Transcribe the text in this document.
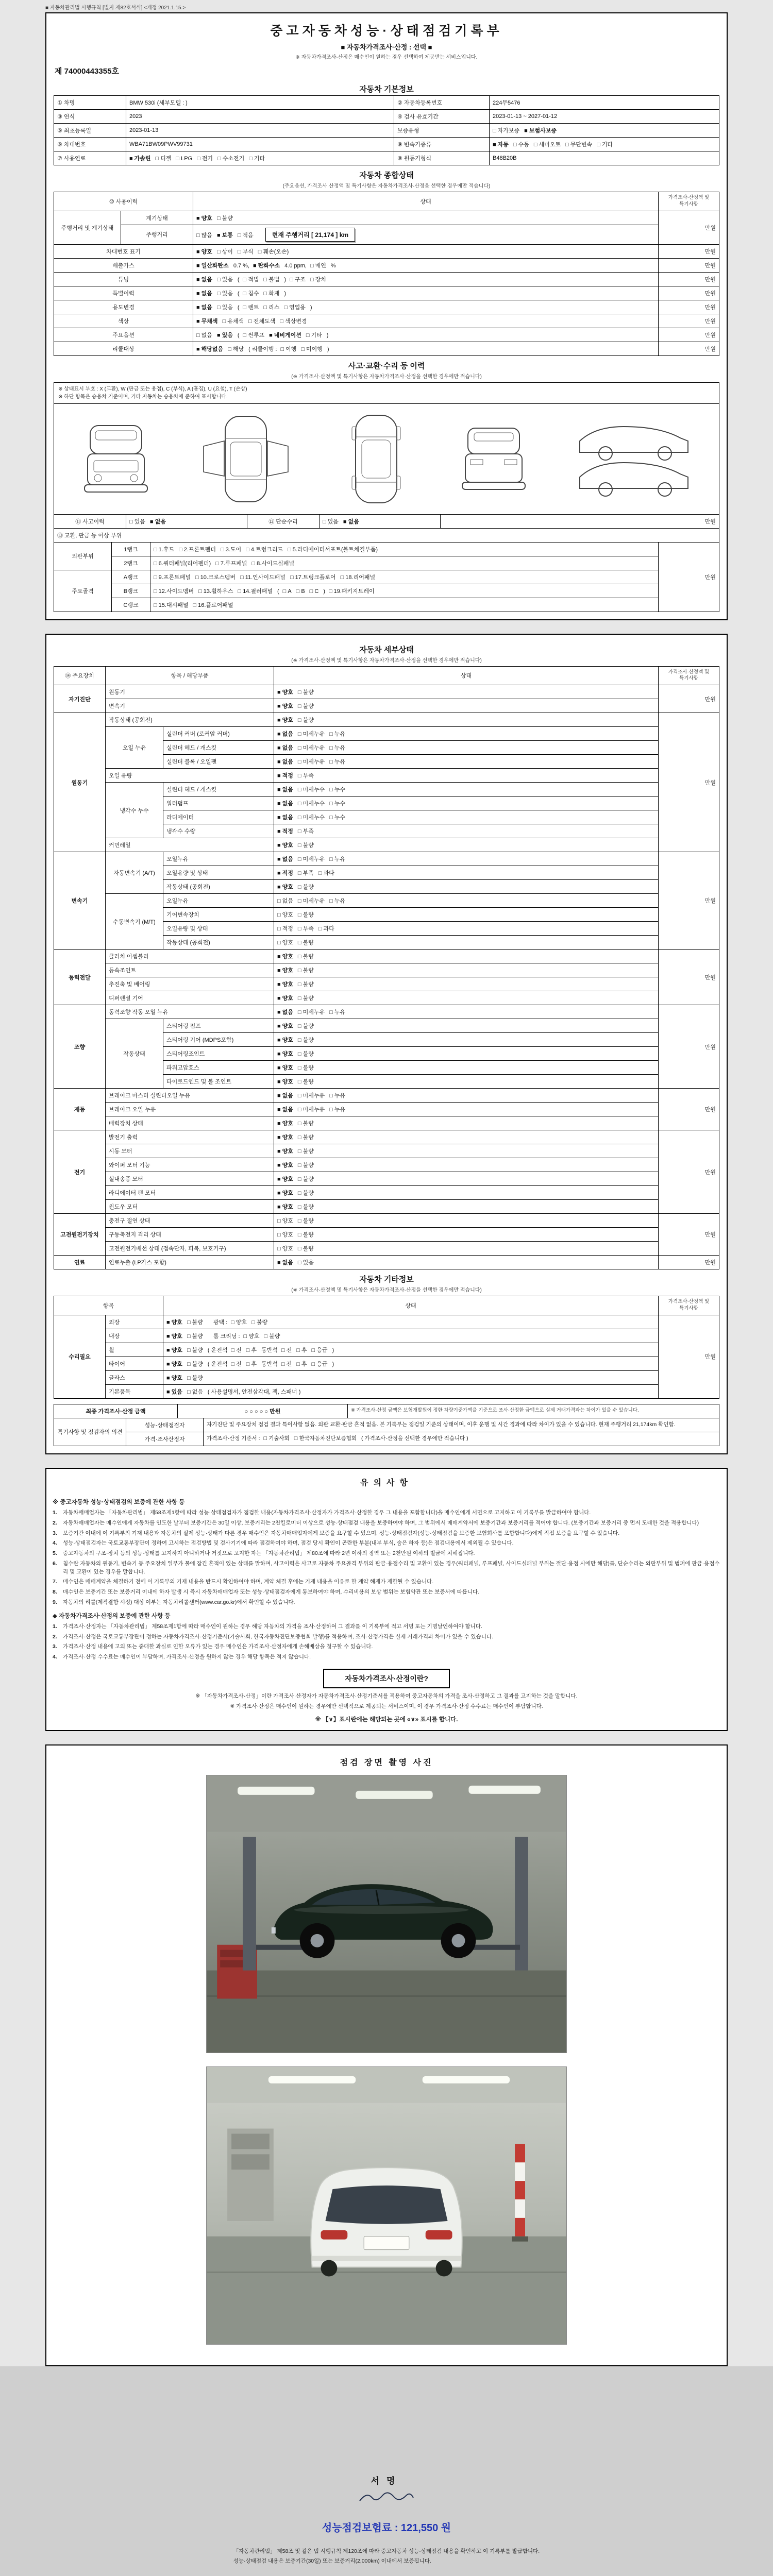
■ 자동차관리법 시행규칙 [별지 제82호서식] <개정 2021.1.15.>
중고자동차성능·상태점검기록부
■ 자동차가격조사·산정 : 선택 ■
※ 자동차가격조사·산정은 매수인이 원하는 경우 선택하여 제공받는 서비스입니다.
제 74000443355호
자동차 기본정보
① 차명	BMW 530i (세부모델 : )	② 자동차등록번호	224무5476
③ 연식	2023	④ 검사 유효기간	2023-01-13 ~ 2027-01-12
⑤ 최초등록일	2023-01-13	보증유형	□ 자가보증 ■ 보험사보증
⑥ 차대번호	WBA71BW09PWV99731	⑨ 변속기종류	■ 자동 □ 수동 □ 세미오토 □ 무단변속 □ 기타
⑦ 사용연료	■ 가솔린 □ 디젤 □ LPG □ 전기 □ 수소전기 □ 기타	⑧ 원동기형식	B48B20B
자동차 종합상태
(주요옵션, 가격조사·산정액 및 특기사항은 자동차가격조사·산정을 선택한 경우에만 적습니다)
⑩ 사용이력		상태	가격조사·산정액 및 특기사항
주행거리 및 계기상태	계기상태	■ 양호 □ 불량	만원
	주행거리	□ 많음 ■ 보통 □ 적음 현재 주행거리 [ 21,174 ] km	
차대번호 표기		■ 양호 □ 상이 □ 부식 □ 훼손(오손)	만원
배출가스		■ 일산화탄소 0.7 %, ■ 탄화수소 4.0 ppm, □ 매연 %	만원
튜닝		■ 없음 □ 있음 ( □ 적법 □ 불법 ) □ 구조 □ 장치	만원
특별이력		■ 없음 □ 있음 ( □ 침수 □ 화재 )	만원
용도변경		■ 없음 □ 있음 ( □ 렌트 □ 리스 □ 영업용 )	만원
색상		■ 무채색 □ 유채색 □ 전체도색 □ 색상변경	만원
주요옵션		□ 없음 ■ 있음 ( □ 썬루프 ■ 네비게이션 □ 기타 )	만원
리콜대상		■ 해당없음 □ 해당 ( 리콜이행 : □ 이행 □ 미이행 )	만원
사고·교환·수리 등 이력
(※ 가격조사·산정액 및 특기사항은 자동차가격조사·산정을 선택한 경우에만 적습니다)
※ 상태표시 부호 : X (교환), W (판금 또는 용접), C (부식), A (흠집), U (요철), T (손상)
※ 하단 항목은 승용차 기준이며, 기타 자동차는 승용차에 준하여 표시합니다.
⑪ 사고이력	□ 있음 ■ 없음	⑫ 단순수리	□ 있음 ■ 없음	만원
⑬ 교환, 판금 등 이상 부위			
외판부위	1랭크	□ 1.후드 □ 2.프론트펜더 □ 3.도어 □ 4.트렁크리드 □ 5.라디에이터서포트(볼트체결부품)	만원
	2랭크	□ 6.쿼터패널(리어펜더) □ 7.루프패널 □ 8.사이드실패널	
주요골격	A랭크	□ 9.프론트패널 □ 10.크로스멤버 □ 11.인사이드패널 □ 17.트렁크플로어 □ 18.리어패널	
	B랭크	□ 12.사이드멤버 □ 13.휠하우스 □ 14.필러패널 ( □ A □ B □ C ) □ 19.패키지트레이	
	C랭크	□ 15.대시패널 □ 16.플로어패널	
자동차 세부상태
(※ 가격조사·산정액 및 특기사항은 자동차가격조사·산정을 선택한 경우에만 적습니다)
⑭ 주요장치	항목 / 해당부품		상태	가격조사·산정액 및 특기사항
자기진단	원동기		■ 양호 □ 불량	만원
	변속기		■ 양호 □ 불량	
원동기	작동상태 (공회전)		■ 양호 □ 불량	만원
	오일 누유	실린더 커버 (로커암 커버)	■ 없음 □ 미세누유 □ 누유	
		실린더 헤드 / 개스킷	■ 없음 □ 미세누유 □ 누유	
		실린더 블록 / 오일팬	■ 없음 □ 미세누유 □ 누유	
	오일 유량		■ 적정 □ 부족	
	냉각수 누수	실린더 헤드 / 개스킷	■ 없음 □ 미세누수 □ 누수	
		워터펌프	■ 없음 □ 미세누수 □ 누수	
		라디에이터	■ 없음 □ 미세누수 □ 누수	
		냉각수 수량	■ 적정 □ 부족	
	커먼레일		■ 양호 □ 불량	
변속기	자동변속기 (A/T)	오일누유	■ 없음 □ 미세누유 □ 누유	만원
		오일유량 및 상태	■ 적정 □ 부족 □ 과다	
		작동상태 (공회전)	■ 양호 □ 불량	
	수동변속기 (M/T)	오일누유	□ 없음 □ 미세누유 □ 누유	
		기어변속장치	□ 양호 □ 불량	
		오일유량 및 상태	□ 적정 □ 부족 □ 과다	
		작동상태 (공회전)	□ 양호 □ 불량	
동력전달	클러치 어셈블리		■ 양호 □ 불량	만원
	등속조인트		■ 양호 □ 불량	
	추진축 및 베어링		■ 양호 □ 불량	
	디퍼렌셜 기어		■ 양호 □ 불량	
조향	동력조향 작동 오일 누유		■ 없음 □ 미세누유 □ 누유	만원
	작동상태	스티어링 펌프	■ 양호 □ 불량	
		스티어링 기어 (MDPS포함)	■ 양호 □ 불량	
		스티어링조인트	■ 양호 □ 불량	
		파워고압호스	■ 양호 □ 불량	
		타이로드엔드 및 볼 조인트	■ 양호 □ 불량	
제동	브레이크 마스터 실린더오일 누유		■ 없음 □ 미세누유 □ 누유	만원
	브레이크 오일 누유		■ 없음 □ 미세누유 □ 누유	
	배력장치 상태		■ 양호 □ 불량	
전기	발전기 출력		■ 양호 □ 불량	만원
	시동 모터		■ 양호 □ 불량	
	와이퍼 모터 기능		■ 양호 □ 불량	
	실내송풍 모터		■ 양호 □ 불량	
	라디에이터 팬 모터		■ 양호 □ 불량	
	윈도우 모터		■ 양호 □ 불량	
고전원전기장치	충전구 절연 상태		□ 양호 □ 불량	만원
	구동축전지 격리 상태		□ 양호 □ 불량	
	고전원전기배선 상태 (접속단자, 피복, 보호기구)		□ 양호 □ 불량	
연료	연료누출 (LP가스 포함)		■ 없음 □ 있음	만원
자동차 기타정보
(※ 가격조사·산정액 및 특기사항은 자동차가격조사·산정을 선택한 경우에만 적습니다)
항목		상태	가격조사·산정액 및 특기사항
수리필요	외장	■ 양호 □ 불량　광택 : □ 양호 □ 불량	만원
	내장	■ 양호 □ 불량　룸 크리닝 : □ 양호 □ 불량	
	휠	■ 양호 □ 불량 ( 운전석 □ 전 □ 후 동반석 □ 전 □ 후 □ 응급 )	
	타이어	■ 양호 □ 불량 ( 운전석 □ 전 □ 후 동반석 □ 전 □ 후 □ 응급 )	
	글라스	■ 양호 □ 불량	
	기본품목	■ 있음 □ 없음 ( 사용설명서, 안전삼각대, 잭, 스패너 )	
최종 가격조사·산정 금액	○ ○ ○ ○ ○ 만원	※ 가격조사·산정 금액은 보험개발원이 정한 차량기준가액을 기준으로 조사·산정한 금액으로 실제 거래가격과는 차이가 있을 수 있습니다.
특기사항 및 점검자의 의견	성능·상태점검자	자기진단 및 주요장치 점검 결과 특이사항 없음. 외판 교환·판금 흔적 없음. 본 기록부는 점검일 기준의 상태이며, 이후 운행 및 시간 경과에 따라 차이가 있을 수 있습니다. 현재 주행거리 21,174km 확인함.
	가격·조사산정자	가격조사·산정 기준서 : □ 기술사회 □ 한국자동차진단보증협회 ( 가격조사·산정을 선택한 경우에만 적습니다 )
유의사항

※ 중고자동차 성능·상태점검의 보증에 관한 사항 등

1.	자동차매매업자는 「자동차관리법」 제58조제1항에 따라 성능·상태점검자가 점검한 내용(자동차가격조사·산정자가 가격조사·산정한 경우 그 내용을 포함합니다)을 매수인에게 서면으로 고지하고 이 기록부를 발급하여야 합니다.

2.	자동차매매업자는 매수인에게 자동차를 인도한 날부터 보증기간은 30일 이상, 보증거리는 2천킬로미터 이상으로 성능·상태점검 내용을 보증하여야 하며, 그 범위에서 매매계약서에 보증기간과 보증거리를 적어야 합니다. (보증기간과 보증거리 중 먼저 도래한 것을 적용합니다)

3.	보증기간 이내에 이 기록부의 기재 내용과 자동차의 실제 성능·상태가 다른 경우 매수인은 자동차매매업자에게 보증을 요구할 수 있으며, 성능·상태점검자(성능·상태점검을 보증한 보험회사를 포함합니다)에게 직접 보증을 요구할 수 있습니다.

4.	성능·상태점검자는 국토교통부장관이 정하여 고시하는 점검방법 및 검사기기에 따라 점검하여야 하며, 점검 당시 확인이 곤란한 부분(내부 부식, 숨은 하자 등)은 점검내용에서 제외될 수 있습니다.

5.	중고자동차의 구조·장치 등의 성능·상태를 고지하지 아니하거나 거짓으로 고지한 자는 「자동차관리법」 제80조에 따라 2년 이하의 징역 또는 2천만원 이하의 벌금에 처해집니다.

6.	침수란 자동차의 원동기, 변속기 등 주요장치 일부가 물에 잠긴 흔적이 있는 상태를 말하며, 사고이력은 사고로 자동차 주요골격 부위의 판금·용접수리 및 교환이 있는 경우(쿼터패널, 루프패널, 사이드실패널 부위는 절단·용접 시에만 해당)를, 단순수리는 외판부위 및 범퍼에 판금·용접수리 및 교환이 있는 경우를 말합니다.

7.	매수인은 매매계약을 체결하기 전에 이 기록부의 기재 내용을 반드시 확인하여야 하며, 계약 체결 후에는 기재 내용을 이유로 한 계약 해제가 제한될 수 있습니다.

8.	매수인은 보증기간 또는 보증거리 이내에 하자 발생 시 즉시 자동차매매업자 또는 성능·상태점검자에게 통보하여야 하며, 수리비용의 보상 범위는 보험약관 또는 보증서에 따릅니다.

9.	자동차의 리콜(제작결함 시정) 대상 여부는 자동차리콜센터(www.car.go.kr)에서 확인할 수 있습니다.

◆ 자동차가격조사·산정의 보증에 관한 사항 등

1.	가격조사·산정자는 「자동차관리법」 제58조제1항에 따라 매수인이 원하는 경우 해당 자동차의 가격을 조사·산정하여 그 결과를 이 기록부에 적고 서명 또는 기명날인하여야 합니다.

2.	가격조사·산정은 국토교통부장관이 정하는 자동차가격조사·산정기준서(기술사회, 한국자동차진단보증협회 발행)를 적용하며, 조사·산정가격은 실제 거래가격과 차이가 있을 수 있습니다.

3.	가격조사·산정 내용에 고의 또는 중대한 과실로 인한 오류가 있는 경우 매수인은 가격조사·산정자에게 손해배상을 청구할 수 있습니다.

4.	가격조사·산정 수수료는 매수인이 부담하며, 가격조사·산정을 원하지 않는 경우 해당 항목은 적지 않습니다.

자동차가격조사·산정이란?

※ 「자동차가격조사·산정」이란 가격조사·산정자가 자동차가격조사·산정기준서를 적용하여 중고자동차의 가격을 조사·산정하고 그 결과를 고지하는 것을 말합니다.

※ 가격조사·산정은 매수인이 원하는 경우에만 선택적으로 제공되는 서비스이며, 이 경우 가격조사·산정 수수료는 매수인이 부담합니다.

※ 【∨】표시란에는 해당되는 곳에 «∨» 표시를 합니다.

점검 장면 촬영 사진
서명
성능점검보험료 : 121,550 원

「자동차관리법」 제58조 및 같은 법 시행규칙 제120조에 따라 중고자동차 성능·상태점검 내용을 확인하고 이 기록부를 발급합니다.

성능·상태점검 내용은 보증기간(30일) 또는 보증거리(2,000km) 이내에서 보증됩니다.
